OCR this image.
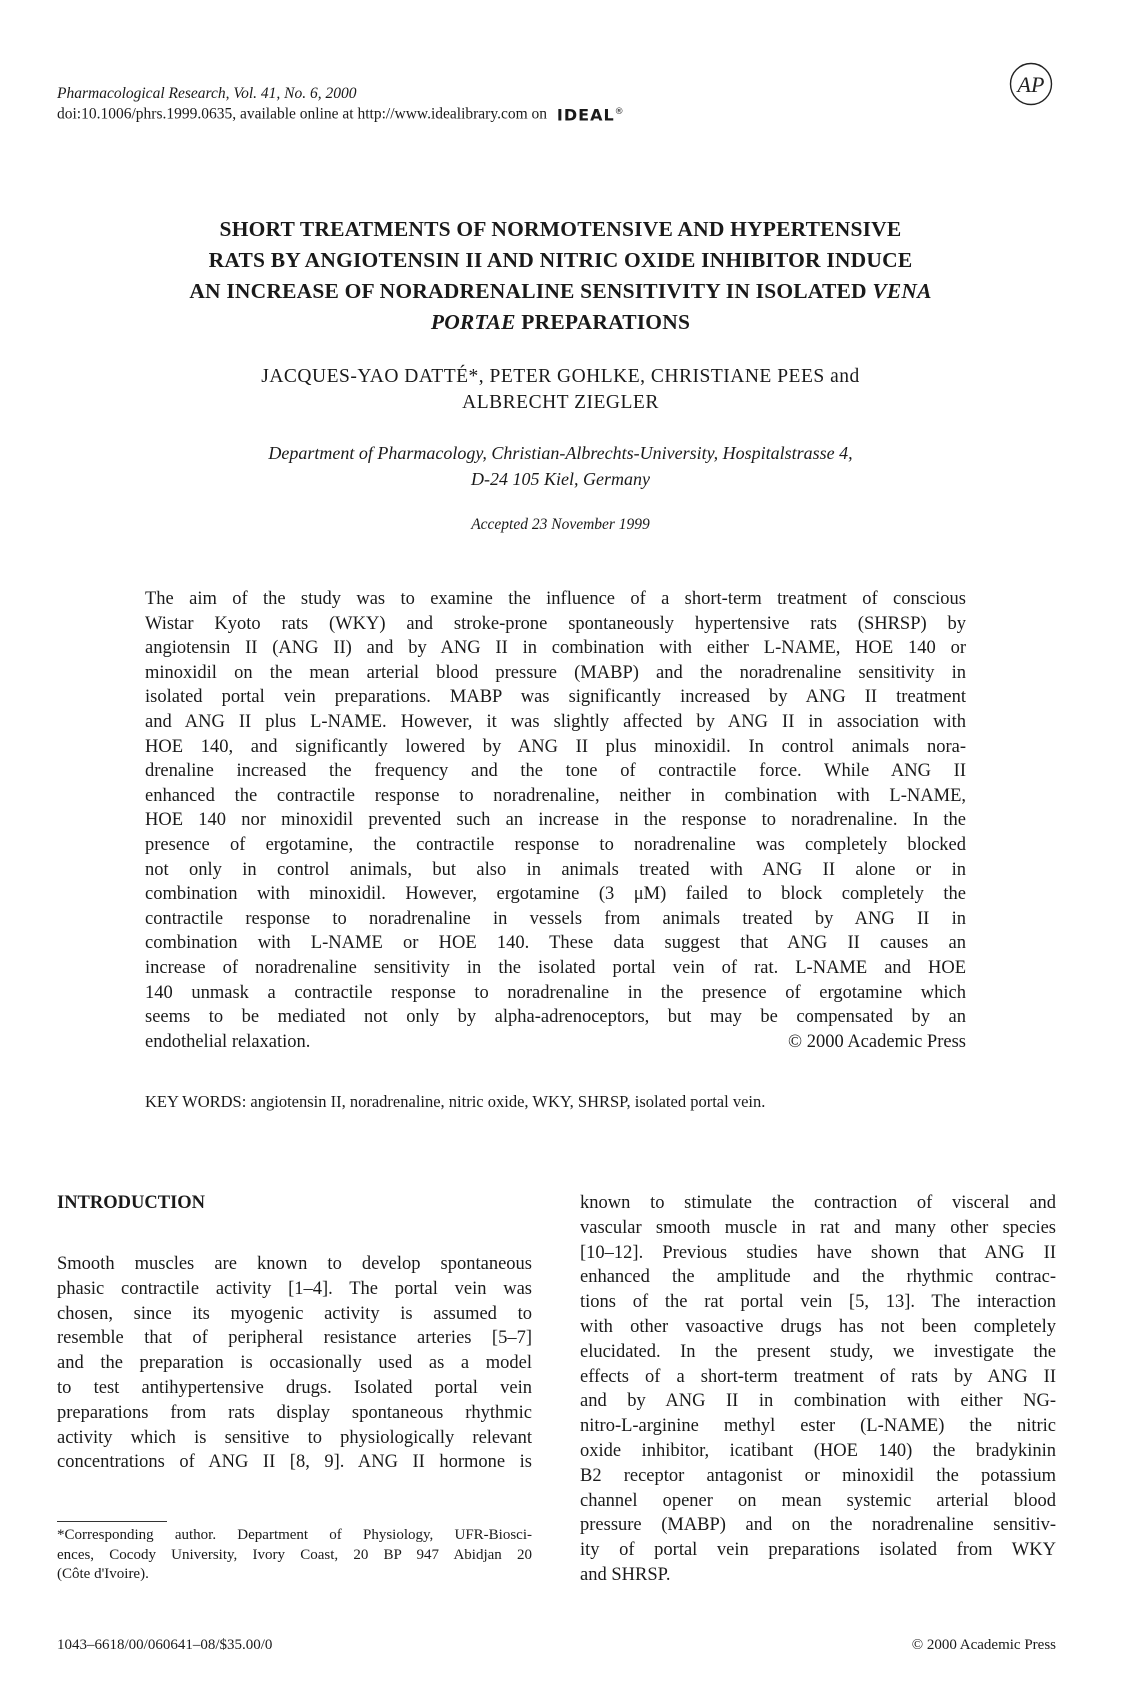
Pharmacological Research, Vol. 41, No. 6, 2000
doi:10.1006/phrs.1999.0635, available online at http://www.idealibrary.com on IDEAL®
AP
SHORT TREATMENTS OF NORMOTENSIVE AND HYPERTENSIVE
RATS BY ANGIOTENSIN II AND NITRIC OXIDE INHIBITOR INDUCE
AN INCREASE OF NORADRENALINE SENSITIVITY IN ISOLATED VENA
PORTAE PREPARATIONS
JACQUES-YAO DATTÉ*, PETER GOHLKE, CHRISTIANE PEES and
ALBRECHT ZIEGLER
Department of Pharmacology, Christian-Albrechts-University, Hospitalstrasse 4,
D-24 105 Kiel, Germany
Accepted 23 November 1999
The aim of the study was to examine the influence of a short-term treatment of conscious
Wistar Kyoto rats (WKY) and stroke-prone spontaneously hypertensive rats (SHRSP) by
angiotensin II (ANG II) and by ANG II in combination with either L-NAME, HOE 140 or
minoxidil on the mean arterial blood pressure (MABP) and the noradrenaline sensitivity in
isolated portal vein preparations. MABP was significantly increased by ANG II treatment
and ANG II plus L-NAME. However, it was slightly affected by ANG II in association with
HOE 140, and significantly lowered by ANG II plus minoxidil. In control animals nora-
drenaline increased the frequency and the tone of contractile force. While ANG II
enhanced the contractile response to noradrenaline, neither in combination with L-NAME,
HOE 140 nor minoxidil prevented such an increase in the response to noradrenaline. In the
presence of ergotamine, the contractile response to noradrenaline was completely blocked
not only in control animals, but also in animals treated with ANG II alone or in
combination with minoxidil. However, ergotamine (3 μM) failed to block completely the
contractile response to noradrenaline in vessels from animals treated by ANG II in
combination with L-NAME or HOE 140. These data suggest that ANG II causes an
increase of noradrenaline sensitivity in the isolated portal vein of rat. L-NAME and HOE
140 unmask a contractile response to noradrenaline in the presence of ergotamine which
seems to be mediated not only by alpha-adrenoceptors, but may be compensated by an
endothelial relaxation.	© 2000 Academic Press
KEY WORDS: angiotensin II, noradrenaline, nitric oxide, WKY, SHRSP, isolated portal vein.
INTRODUCTION
Smooth muscles are known to develop spontaneous
phasic contractile activity [1–4]. The portal vein was
chosen, since its myogenic activity is assumed to
resemble that of peripheral resistance arteries [5–7]
and the preparation is occasionally used as a model
to test antihypertensive drugs. Isolated portal vein
preparations from rats display spontaneous rhythmic
activity which is sensitive to physiologically relevant
concentrations of ANG II [8, 9]. ANG II hormone is
known to stimulate the contraction of visceral and
vascular smooth muscle in rat and many other species
[10–12]. Previous studies have shown that ANG II
enhanced the amplitude and the rhythmic contrac-
tions of the rat portal vein [5, 13]. The interaction
with other vasoactive drugs has not been completely
elucidated. In the present study, we investigate the
effects of a short-term treatment of rats by ANG II
and by ANG II in combination with either NG-
nitro-L-arginine methyl ester (L-NAME) the nitric
oxide inhibitor, icatibant (HOE 140) the bradykinin
B2 receptor antagonist or minoxidil the potassium
channel opener on mean systemic arterial blood
pressure (MABP) and on the noradrenaline sensitiv-
ity of portal vein preparations isolated from WKY
and SHRSP.
*Corresponding author. Department of Physiology, UFR-Biosci-
ences, Cocody University, Ivory Coast, 20 BP 947 Abidjan 20
(Côte d'Ivoire).
1043–6618/00/060641–08/$35.00/0	© 2000 Academic Press
